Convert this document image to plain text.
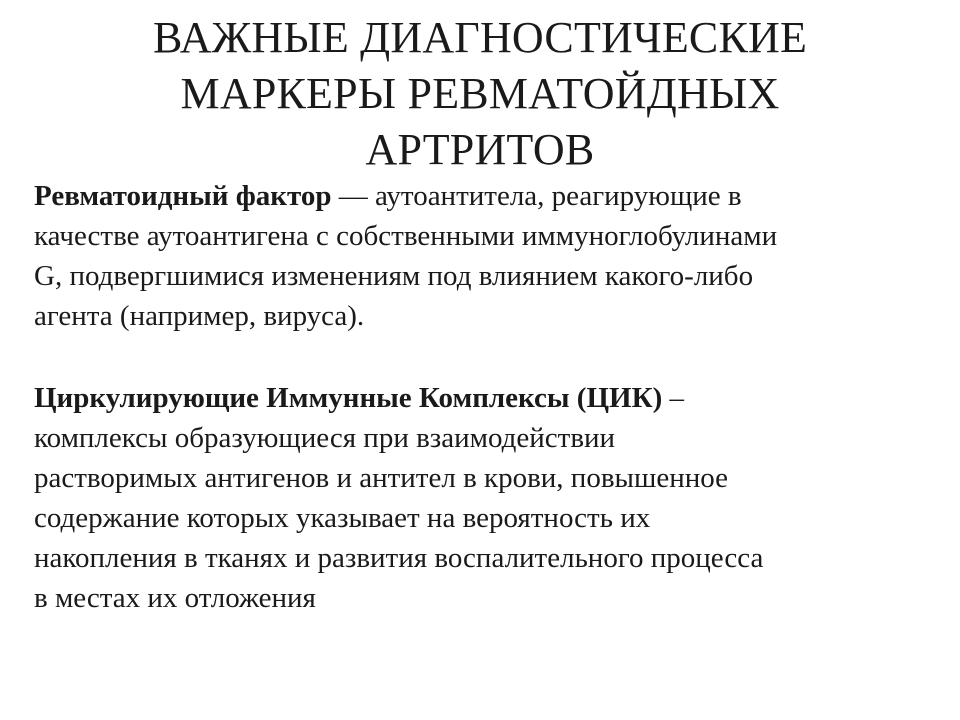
ВАЖНЫЕ ДИАГНОСТИЧЕСКИЕ
МАРКЕРЫ РЕВМАТОЙДНЫХ
АРТРИТОВ

Ревматоидный фактор — аутоантитела, реагирующие в
качестве аутоантигена с собственными иммуноглобулинами
G, подвергшимися изменениям под влиянием какого-либо
агента (например, вируса).

Циркулирующие Иммунные Комплексы (ЦИК) –
комплексы образующиеся при взаимодействии
растворимых антигенов и антител в крови, повышенное
содержание которых указывает на вероятность их
накопления в тканях и развития воспалительного процесса
в местах их отложения
